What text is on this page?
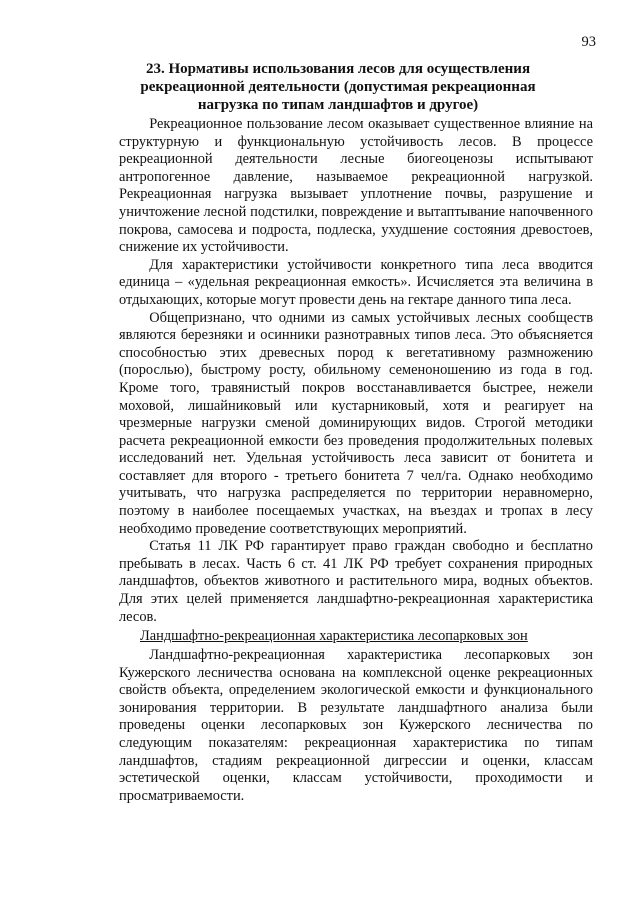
93
23. Нормативы использования лесов для осуществления рекреационной деятельности (допустимая рекреационная нагрузка по типам ландшафтов и другое)

Рекреационное пользование лесом оказывает существенное влияние на структурную и функциональную устойчивость лесов. В процессе рекреационной деятельности лесные биогеоценозы испытывают антропогенное давление, называемое рекреационной нагрузкой. Рекреационная нагрузка вызывает уплотнение почвы, разрушение и уничтожение лесной подстилки, повреждение и вытаптывание напочвенного покрова, самосева и подроста, подлеска, ухудшение состояния древостоев, снижение их устойчивости.

Для характеристики устойчивости конкретного типа леса вводится единица – «удельная рекреационная емкость». Исчисляется эта величина в отдыхающих, которые могут провести день на гектаре данного типа леса.

Общепризнано, что одними из самых устойчивых лесных сообществ являются березняки и осинники разнотравных типов леса. Это объясняется способностью этих древесных пород к вегетативному размножению (порослью), быстрому росту, обильному семеноношению из года в год. Кроме того, травянистый покров восстанавливается быстрее, нежели моховой, лишайниковый или кустарниковый, хотя и реагирует на чрезмерные нагрузки сменой доминирующих видов. Строгой методики расчета рекреационной емкости без проведения продолжительных полевых исследований нет. Удельная устойчивость леса зависит от бонитета и составляет для второго - третьего бонитета 7 чел/га. Однако необходимо учитывать, что нагрузка распределяется по территории неравномерно, поэтому в наиболее посещаемых участках, на въездах и тропах в лесу необходимо проведение соответствующих мероприятий.

Статья 11 ЛК РФ гарантирует право граждан свободно и бесплатно пребывать в лесах. Часть 6 ст. 41 ЛК РФ требует сохранения природных ландшафтов, объектов животного и растительного мира, водных объектов. Для этих целей применяется ландшафтно-рекреационная характеристика лесов.

Ландшафтно-рекреационная характеристика лесопарковых зон

Ландшафтно-рекреационная характеристика лесопарковых зон Кужерского лесничества основана на комплексной оценке рекреационных свойств объекта, определением экологической емкости и функционального зонирования территории. В результате ландшафтного анализа были проведены оценки лесопарковых зон Кужерского лесничества по следующим показателям: рекреационная характеристика по типам ландшафтов, стадиям рекреационной дигрессии и оценки, классам эстетической оценки, классам устойчивости, проходимости и просматриваемости.
